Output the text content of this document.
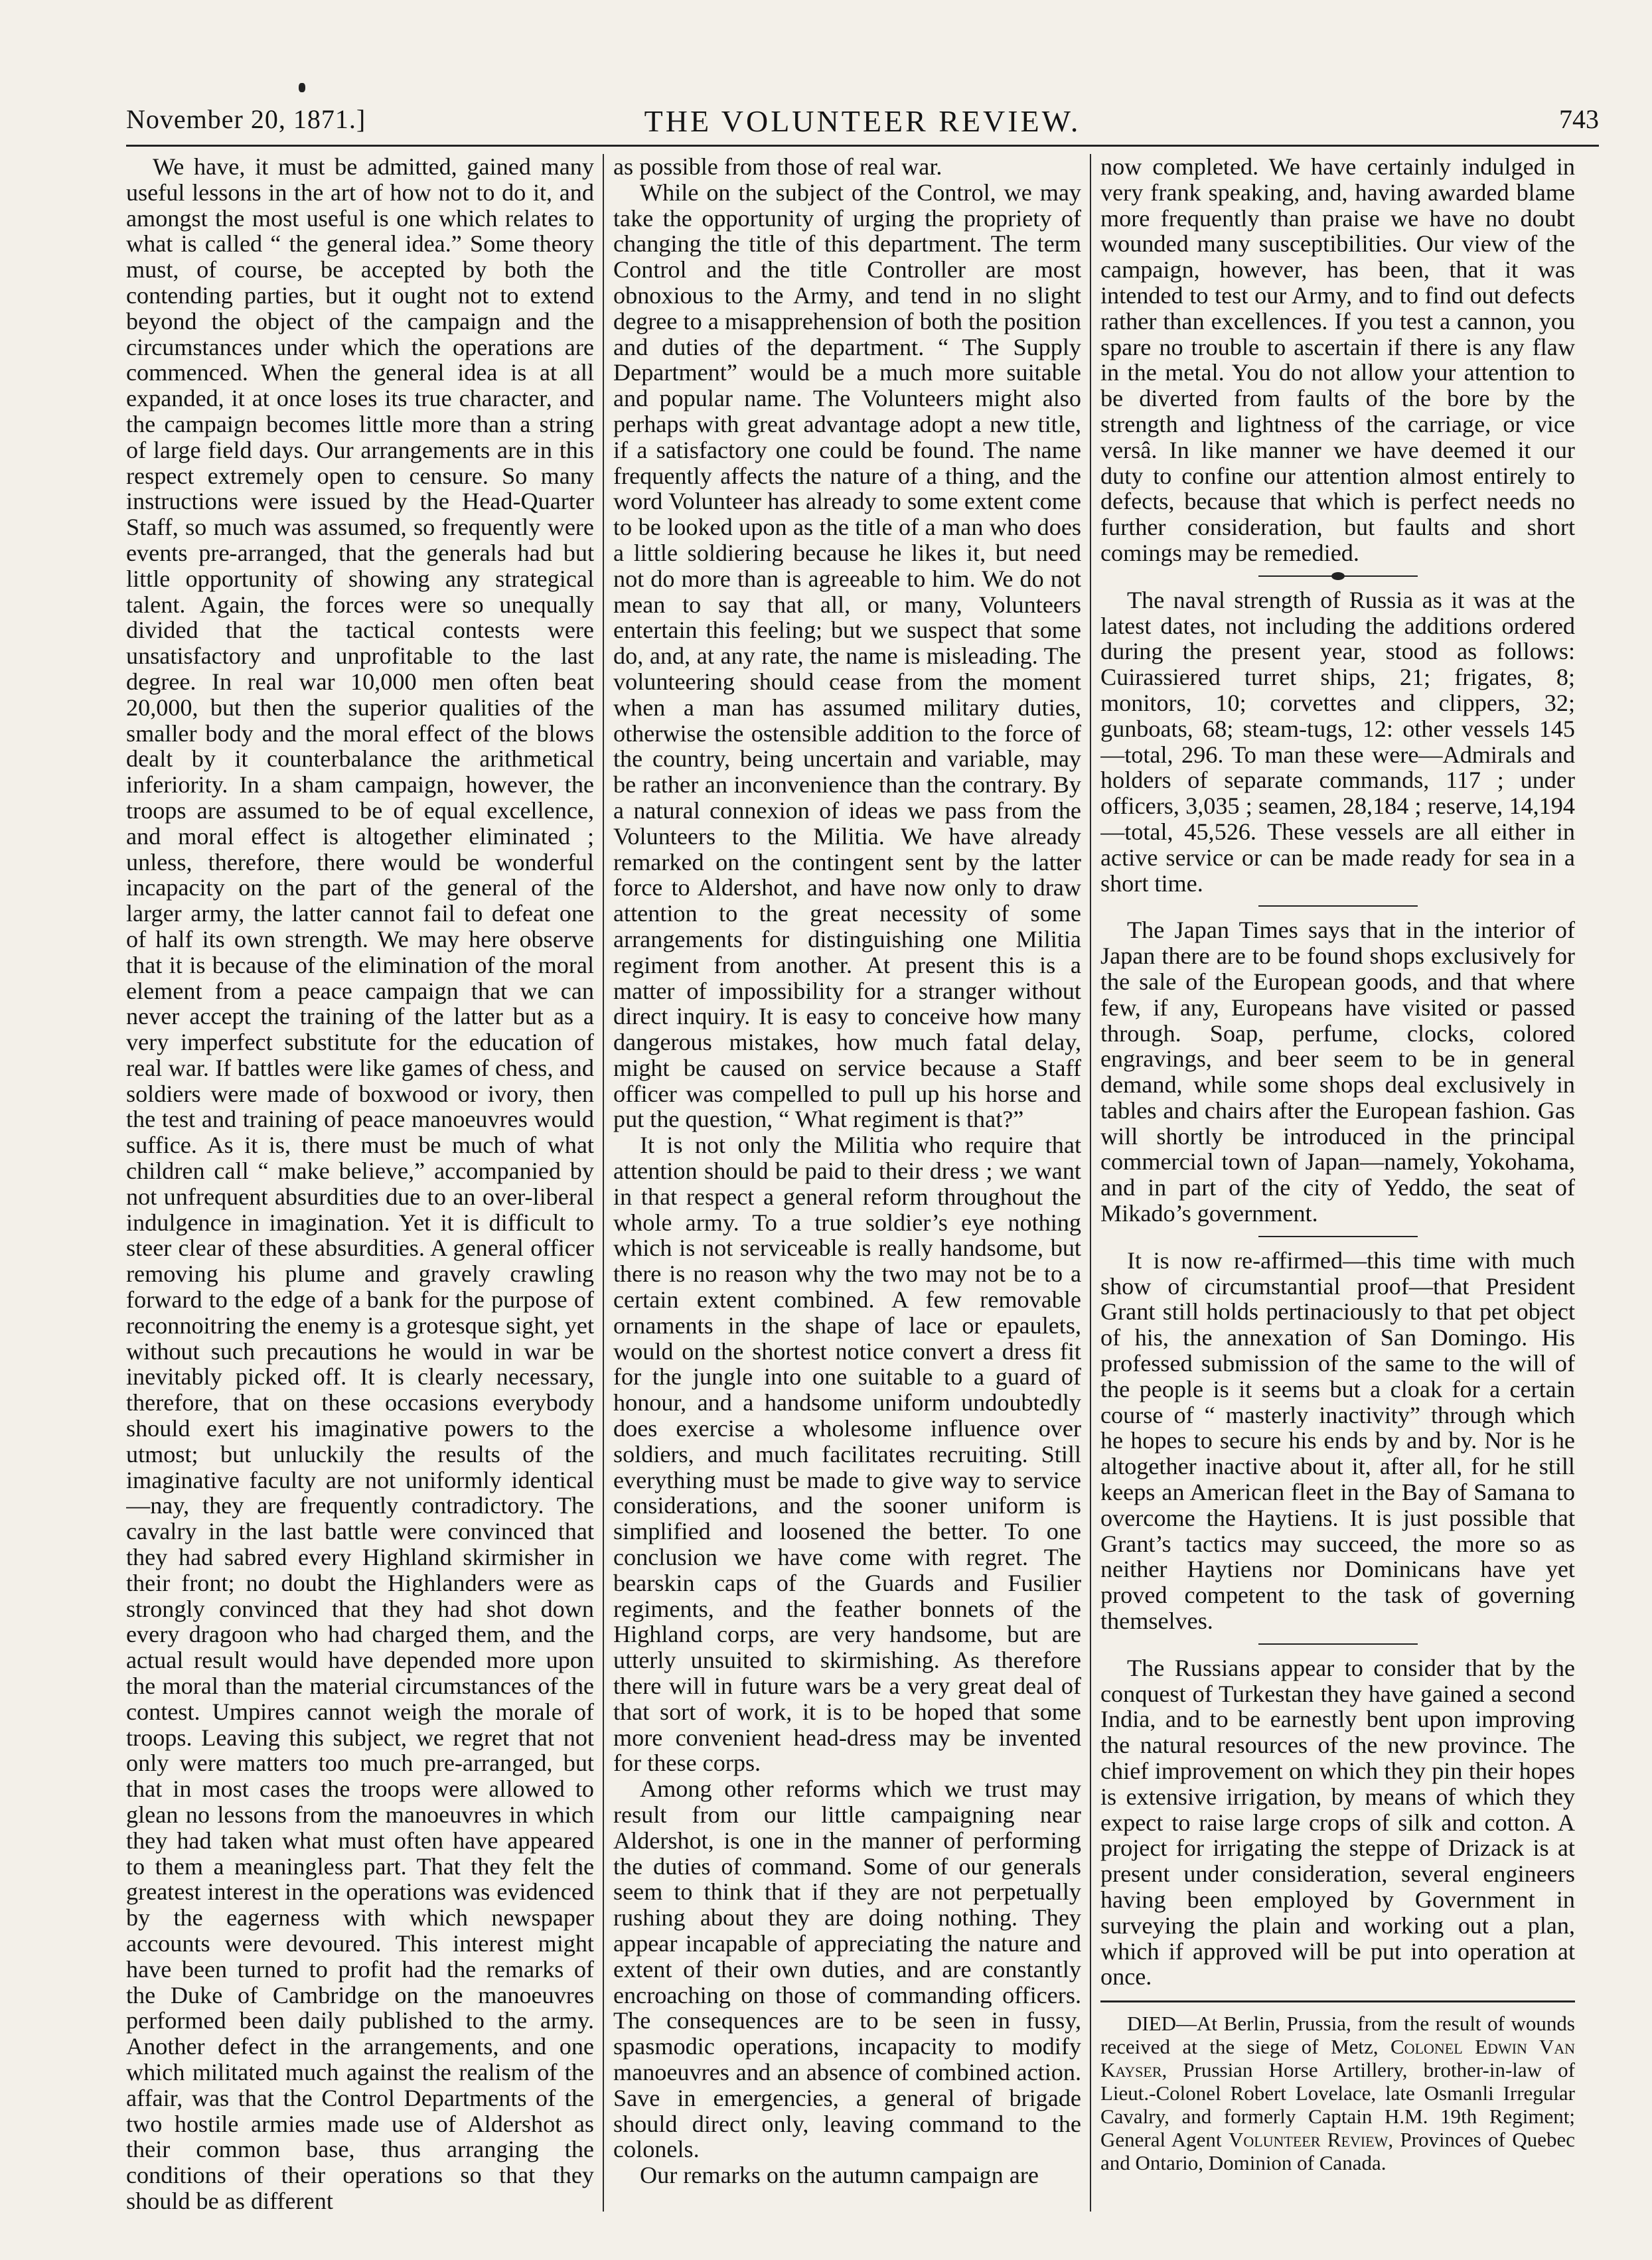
November 20, 1871.]	THE VOLUNTEER REVIEW.	743

We have, it must be admitted, gained many useful lessons in the art of how not to do it, and amongst the most useful is one which relates to what is called “ the general idea.” Some theory must, of course, be accepted by both the contending parties, but it ought not to extend beyond the object of the campaign and the circumstances under which the operations are commenced. When the general idea is at all expanded, it at once loses its true character, and the campaign becomes little more than a string of large field days. Our arrangements are in this respect extremely open to censure. So many instructions were issued by the Head-Quarter Staff, so much was assumed, so frequently were events pre-arranged, that the generals had but little opportunity of showing any strategical talent. Again, the forces were so unequally divided that the tactical contests were unsatisfactory and unprofitable to the last degree. In real war 10,000 men often beat 20,000, but then the superior qualities of the smaller body and the moral effect of the blows dealt by it counterbalance the arithmetical inferiority. In a sham campaign, however, the troops are assumed to be of equal excellence, and moral effect is altogether eliminated ; unless, therefore, there would be wonderful incapacity on the part of the general of the larger army, the latter cannot fail to defeat one of half its own strength. We may here observe that it is because of the elimination of the moral element from a peace campaign that we can never accept the training of the latter but as a very imperfect substitute for the education of real war. If battles were like games of chess, and soldiers were made of boxwood or ivory, then the test and training of peace manoeuvres would suffice. As it is, there must be much of what children call “ make believe,” accompanied by not unfrequent absurdities due to an over-liberal indulgence in imagination. Yet it is difficult to steer clear of these absurdities. A general officer removing his plume and gravely crawling forward to the edge of a bank for the purpose of reconnoitring the enemy is a grotesque sight, yet without such precautions he would in war be inevitably picked off. It is clearly necessary, therefore, that on these occasions everybody should exert his imaginative powers to the utmost; but unluckily the results of the imaginative faculty are not uniformly identical—nay, they are frequently contradictory. The cavalry in the last battle were convinced that they had sabred every Highland skirmisher in their front; no doubt the Highlanders were as strongly convinced that they had shot down every dragoon who had charged them, and the actual result would have depended more upon the moral than the material circumstances of the contest. Umpires cannot weigh the morale of troops. Leaving this subject, we regret that not only were matters too much pre-arranged, but that in most cases the troops were allowed to glean no lessons from the manoeuvres in which they had taken what must often have appeared to them a meaningless part. That they felt the greatest interest in the operations was evidenced by the eagerness with which newspaper accounts were devoured. This interest might have been turned to profit had the remarks of the Duke of Cambridge on the manoeuvres performed been daily published to the army. Another defect in the arrangements, and one which militated much against the realism of the affair, was that the Control Departments of the two hostile armies made use of Aldershot as their common base, thus arranging the conditions of their operations so that they should be as different

as possible from those of real war.

While on the subject of the Control, we may take the opportunity of urging the propriety of changing the title of this department. The term Control and the title Controller are most obnoxious to the Army, and tend in no slight degree to a misapprehension of both the position and duties of the department. “ The Supply Department” would be a much more suitable and popular name. The Volunteers might also perhaps with great advantage adopt a new title, if a satisfactory one could be found. The name frequently affects the nature of a thing, and the word Volunteer has already to some extent come to be looked upon as the title of a man who does a little soldiering because he likes it, but need not do more than is agreeable to him. We do not mean to say that all, or many, Volunteers entertain this feeling; but we suspect that some do, and, at any rate, the name is misleading. The volunteering should cease from the moment when a man has assumed military duties, otherwise the ostensible addition to the force of the country, being uncertain and variable, may be rather an inconvenience than the contrary. By a natural connexion of ideas we pass from the Volunteers to the Militia. We have already remarked on the contingent sent by the latter force to Aldershot, and have now only to draw attention to the great necessity of some arrangements for distinguishing one Militia regiment from another. At present this is a matter of impossibility for a stranger without direct inquiry. It is easy to conceive how many dangerous mistakes, how much fatal delay, might be caused on service because a Staff officer was compelled to pull up his horse and put the question, “ What regiment is that?”

It is not only the Militia who require that attention should be paid to their dress ; we want in that respect a general reform throughout the whole army. To a true soldier’s eye nothing which is not serviceable is really handsome, but there is no reason why the two may not be to a certain extent combined. A few removable ornaments in the shape of lace or epaulets, would on the shortest notice convert a dress fit for the jungle into one suitable to a guard of honour, and a handsome uniform undoubtedly does exercise a wholesome influence over soldiers, and much facilitates recruiting. Still everything must be made to give way to service considerations, and the sooner uniform is simplified and loosened the better. To one conclusion we have come with regret. The bearskin caps of the Guards and Fusilier regiments, and the feather bonnets of the Highland corps, are very handsome, but are utterly unsuited to skirmishing. As therefore there will in future wars be a very great deal of that sort of work, it is to be hoped that some more convenient head-dress may be invented for these corps.

Among other reforms which we trust may result from our little campaigning near Aldershot, is one in the manner of performing the duties of command. Some of our generals seem to think that if they are not perpetually rushing about they are doing nothing. They appear incapable of appreciating the nature and extent of their own duties, and are constantly encroaching on those of commanding officers. The consequences are to be seen in fussy, spasmodic operations, incapacity to modify manoeuvres and an absence of combined action. Save in emergencies, a general of brigade should direct only, leaving command to the colonels.

Our remarks on the autumn campaign are

now completed. We have certainly indulged in very frank speaking, and, having awarded blame more frequently than praise we have no doubt wounded many susceptibilities. Our view of the campaign, however, has been, that it was intended to test our Army, and to find out defects rather than excellences. If you test a cannon, you spare no trouble to ascertain if there is any flaw in the metal. You do not allow your attention to be diverted from faults of the bore by the strength and lightness of the carriage, or vice versâ. In like manner we have deemed it our duty to confine our attention almost entirely to defects, because that which is perfect needs no further consideration, but faults and short comings may be remedied.

The naval strength of Russia as it was at the latest dates, not including the additions ordered during the present year, stood as follows: Cuirassiered turret ships, 21; frigates, 8; monitors, 10; corvettes and clippers, 32; gunboats, 68; steam-tugs, 12: other vessels 145—total, 296. To man these were—Admirals and holders of separate commands, 117 ; under officers, 3,035 ; seamen, 28,184 ; reserve, 14,194—total, 45,526. These vessels are all either in active service or can be made ready for sea in a short time.

The Japan Times says that in the interior of Japan there are to be found shops exclusively for the sale of the European goods, and that where few, if any, Europeans have visited or passed through. Soap, perfume, clocks, colored engravings, and beer seem to be in general demand, while some shops deal exclusively in tables and chairs after the European fashion. Gas will shortly be introduced in the principal commercial town of Japan—namely, Yokohama, and in part of the city of Yeddo, the seat of Mikado’s government.

It is now re-affirmed—this time with much show of circumstantial proof—that President Grant still holds pertinaciously to that pet object of his, the annexation of San Domingo. His professed submission of the same to the will of the people is it seems but a cloak for a certain course of “ masterly inactivity” through which he hopes to secure his ends by and by. Nor is he altogether inactive about it, after all, for he still keeps an American fleet in the Bay of Samana to overcome the Haytiens. It is just possible that Grant’s tactics may succeed, the more so as neither Haytiens nor Dominicans have yet proved competent to the task of governing themselves.

The Russians appear to consider that by the conquest of Turkestan they have gained a second India, and to be earnestly bent upon improving the natural resources of the new province. The chief improvement on which they pin their hopes is extensive irrigation, by means of which they expect to raise large crops of silk and cotton. A project for irrigating the steppe of Drizack is at present under consideration, several engineers having been employed by Government in surveying the plain and working out a plan, which if approved will be put into operation at once.

DIED—At Berlin, Prussia, from the result of wounds received at the siege of Metz, Colonel Edwin Van Kayser, Prussian Horse Artillery, brother-in-law of Lieut.-Colonel Robert Lovelace, late Osmanli Irregular Cavalry, and formerly Captain H.M. 19th Regiment; General Agent Volunteer Review, Provinces of Quebec and Ontario, Dominion of Canada.
